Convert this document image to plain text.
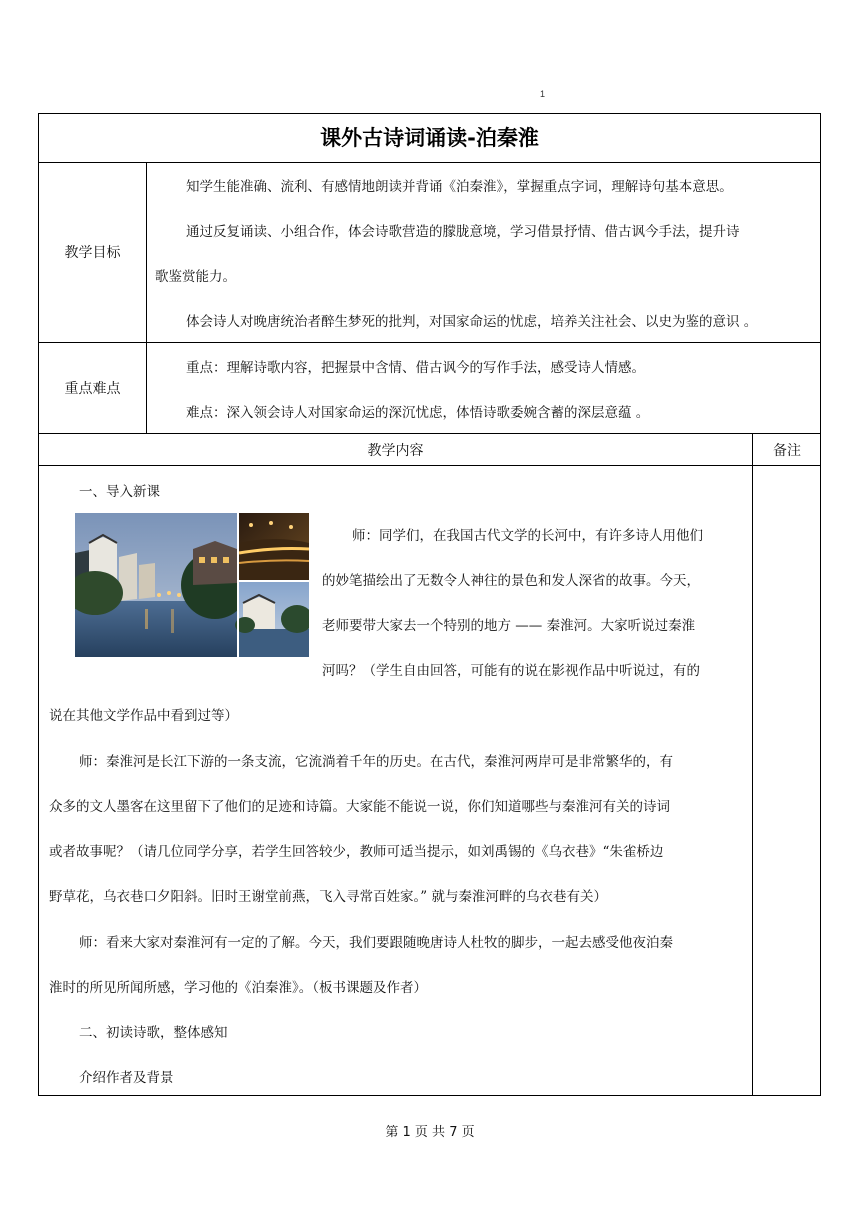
1
课外古诗词诵读-泊秦淮
教学目标
知学生能准确、流利、有感情地朗读并背诵《泊秦淮》，掌握重点字词，理解诗句基本意思。
通过反复诵读、小组合作，体会诗歌营造的朦胧意境，学习借景抒情、借古讽今手法，提升诗
歌鉴赏能力。
体会诗人对晚唐统治者醉生梦死的批判，对国家命运的忧虑，培养关注社会、以史为鉴的意识 。
重点难点
重点：理解诗歌内容，把握景中含情、借古讽今的写作手法，感受诗人情感。
难点：深入领会诗人对国家命运的深沉忧虑，体悟诗歌委婉含蓄的深层意蕴 。
教学内容	备注
一、导入新课
师：同学们，在我国古代文学的长河中，有许多诗人用他们
的妙笔描绘出了无数令人神往的景色和发人深省的故事。今天，
老师要带大家去一个特别的地方 —— 秦淮河。大家听说过秦淮
河吗？（学生自由回答，可能有的说在影视作品中听说过，有的
说在其他文学作品中看到过等）
师：秦淮河是长江下游的一条支流，它流淌着千年的历史。在古代，秦淮河两岸可是非常繁华的，有
众多的文人墨客在这里留下了他们的足迹和诗篇。大家能不能说一说，你们知道哪些与秦淮河有关的诗词
或者故事呢？（请几位同学分享，若学生回答较少，教师可适当提示，如刘禹锡的《乌衣巷》“朱雀桥边
野草花，乌衣巷口夕阳斜。旧时王谢堂前燕，飞入寻常百姓家。” 就与秦淮河畔的乌衣巷有关）
师：看来大家对秦淮河有一定的了解。今天，我们要跟随晚唐诗人杜牧的脚步，一起去感受他夜泊秦
淮时的所见所闻所感，学习他的《泊秦淮》。（板书课题及作者）
二、初读诗歌，整体感知
介绍作者及背景
第 1 页 共 7 页
